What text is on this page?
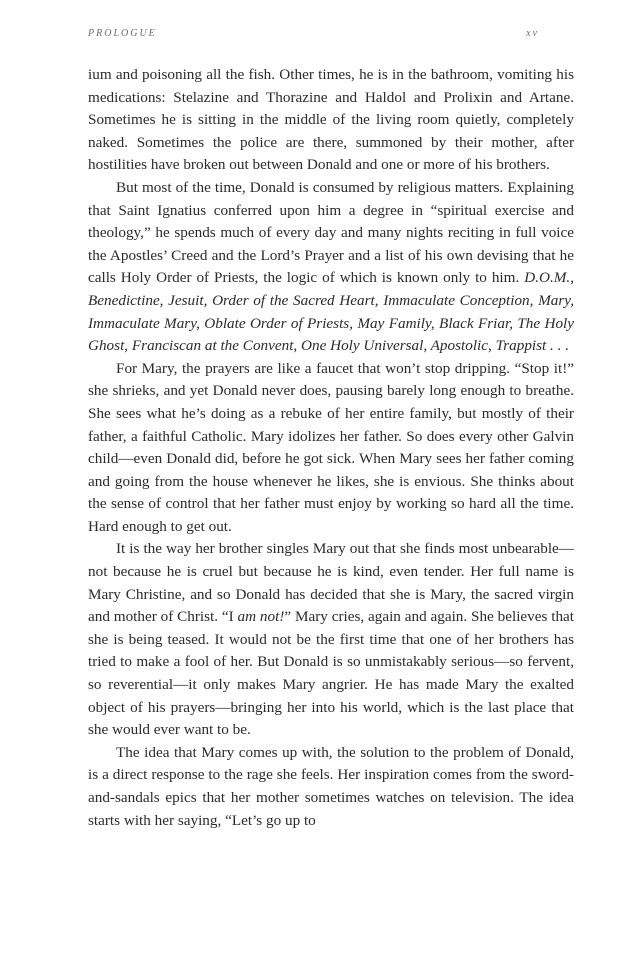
PROLOGUE	xv

ium and poisoning all the fish. Other times, he is in the bathroom, vomiting his medications: Stelazine and Thorazine and Haldol and Prolixin and Artane. Sometimes he is sitting in the middle of the living room quietly, completely naked. Sometimes the police are there, summoned by their mother, after hostilities have broken out between Donald and one or more of his brothers.

But most of the time, Donald is consumed by religious matters. Explaining that Saint Ignatius conferred upon him a degree in “spiritual exercise and theology,” he spends much of every day and many nights reciting in full voice the Apostles’ Creed and the Lord’s Prayer and a list of his own devising that he calls Holy Order of Priests, the logic of which is known only to him. D.O.M., Benedictine, Jesuit, Order of the Sacred Heart, Immaculate Conception, Mary, Immaculate Mary, Oblate Order of Priests, May Family, Black Friar, The Holy Ghost, Franciscan at the Convent, One Holy Universal, Apostolic, Trappist . . .

For Mary, the prayers are like a faucet that won’t stop dripping. “Stop it!” she shrieks, and yet Donald never does, pausing barely long enough to breathe. She sees what he’s doing as a rebuke of her entire family, but mostly of their father, a faithful Catholic. Mary idolizes her father. So does every other Galvin child—even Donald did, before he got sick. When Mary sees her father coming and going from the house whenever he likes, she is envious. She thinks about the sense of control that her father must enjoy by working so hard all the time. Hard enough to get out.

It is the way her brother singles Mary out that she finds most unbearable—not because he is cruel but because he is kind, even tender. Her full name is Mary Christine, and so Donald has decided that she is Mary, the sacred virgin and mother of Christ. “I am not!” Mary cries, again and again. She believes that she is being teased. It would not be the first time that one of her brothers has tried to make a fool of her. But Donald is so unmistakably serious—so fervent, so reverential—it only makes Mary angrier. He has made Mary the exalted object of his prayers—bringing her into his world, which is the last place that she would ever want to be.

The idea that Mary comes up with, the solution to the problem of Donald, is a direct response to the rage she feels. Her inspiration comes from the sword-and-sandals epics that her mother sometimes watches on television. The idea starts with her saying, “Let’s go up to
